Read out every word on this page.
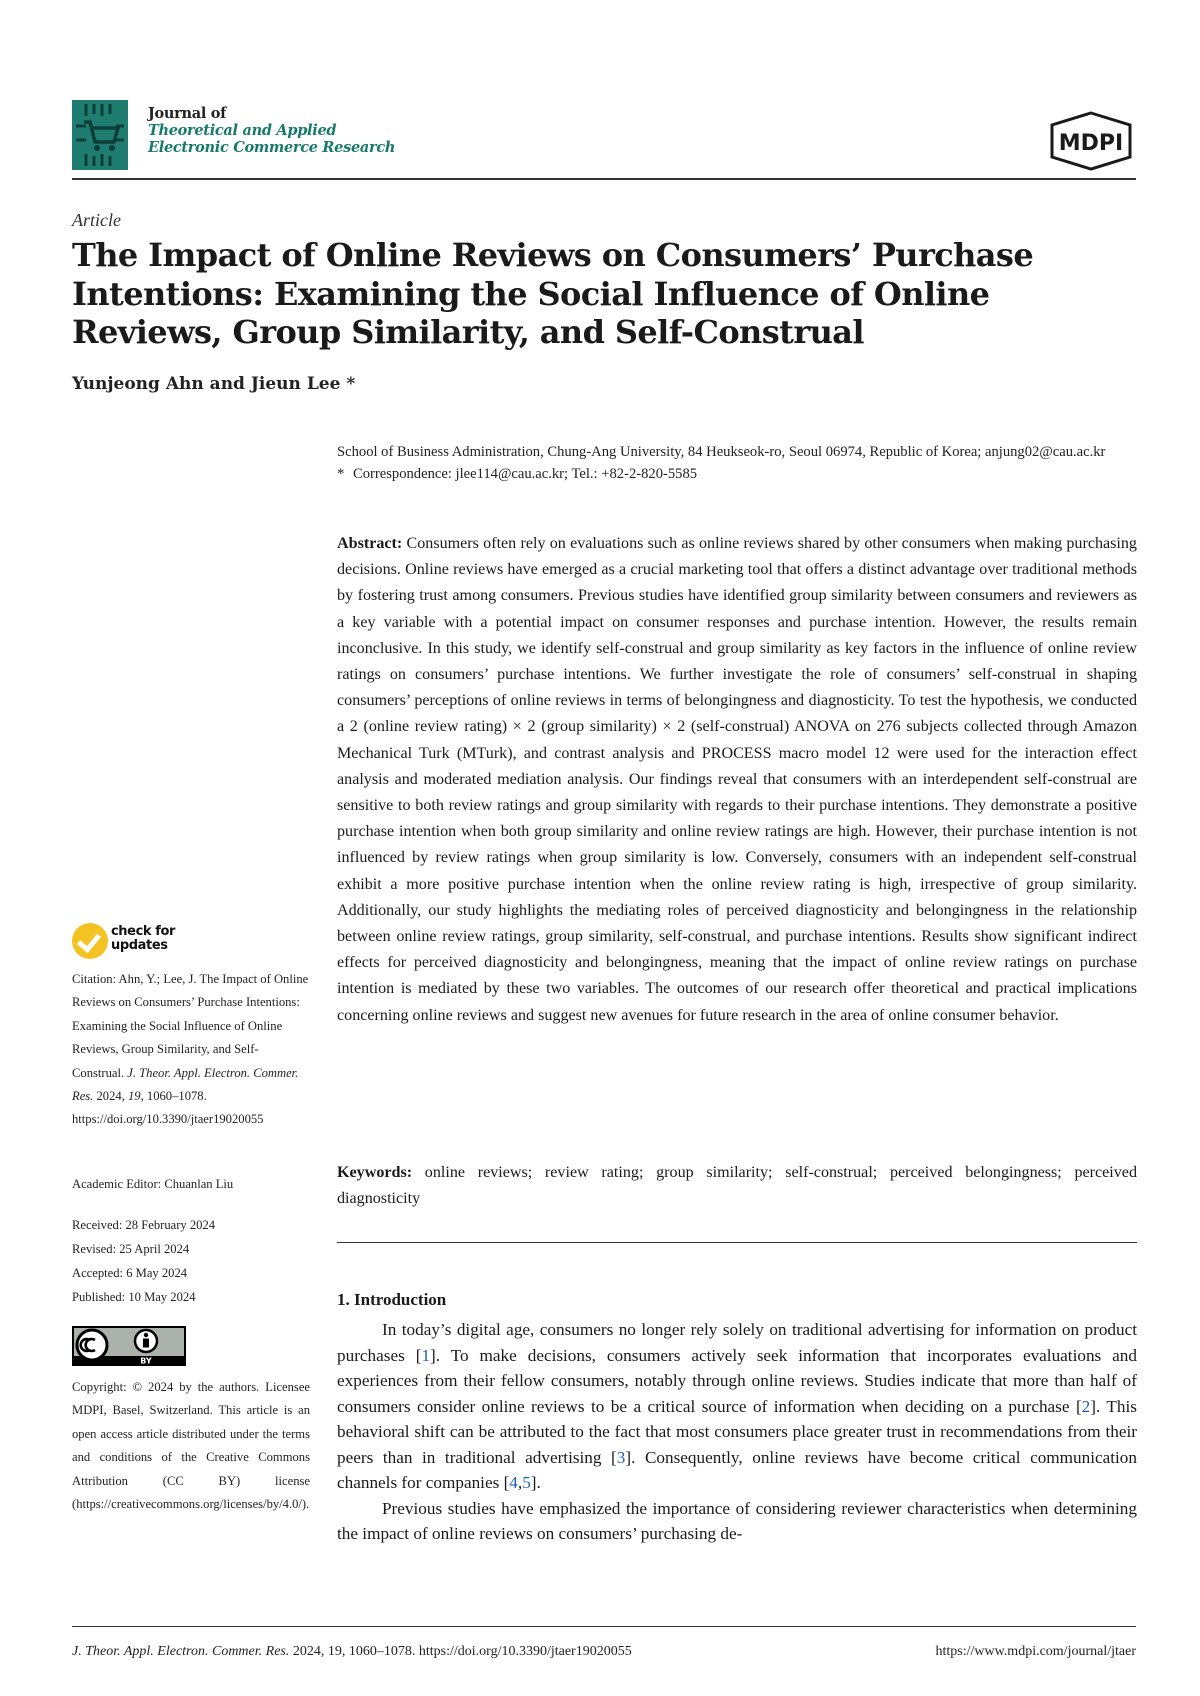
Journal of
Theoretical and Applied
Electronic Commerce Research	MDPI
Article
The Impact of Online Reviews on Consumers’ Purchase Intentions: Examining the Social Influence of Online Reviews, Group Similarity, and Self-Construal
Yunjeong Ahn and Jieun Lee *
School of Business Administration, Chung-Ang University, 84 Heukseok-ro, Seoul 06974, Republic of Korea; anjung02@cau.ac.kr
* Correspondence: jlee114@cau.ac.kr; Tel.: +82-2-820-5585
Abstract: Consumers often rely on evaluations such as online reviews shared by other consumers when making purchasing decisions. Online reviews have emerged as a crucial marketing tool that offers a distinct advantage over traditional methods by fostering trust among consumers. Previous studies have identified group similarity between consumers and reviewers as a key variable with a potential impact on consumer responses and purchase intention. However, the results remain inconclusive. In this study, we identify self-construal and group similarity as key factors in the influence of online review ratings on consumers’ purchase intentions. We further investigate the role of consumers’ self-construal in shaping consumers’ perceptions of online reviews in terms of belongingness and diagnosticity. To test the hypothesis, we conducted a 2 (online review rating) × 2 (group similarity) × 2 (self-construal) ANOVA on 276 subjects collected through Amazon Mechanical Turk (MTurk), and contrast analysis and PROCESS macro model 12 were used for the interaction effect analysis and moderated mediation analysis. Our findings reveal that consumers with an interdependent self-construal are sensitive to both review ratings and group similarity with regards to their purchase intentions. They demonstrate a positive purchase intention when both group similarity and online review ratings are high. However, their purchase intention is not influenced by review ratings when group similarity is low. Conversely, consumers with an independent self-construal exhibit a more positive purchase intention when the online review rating is high, irrespective of group similarity. Additionally, our study highlights the mediating roles of perceived diagnosticity and belongingness in the relationship between online review ratings, group similarity, self-construal, and purchase intentions. Results show significant indirect effects for perceived diagnosticity and belongingness, meaning that the impact of online review ratings on purchase intention is mediated by these two variables. The outcomes of our research offer theoretical and practical implications concerning online reviews and suggest new avenues for future research in the area of online consumer behavior.
Keywords: online reviews; review rating; group similarity; self-construal; perceived belongingness; perceived diagnosticity
1. Introduction

In today’s digital age, consumers no longer rely solely on traditional advertising for information on product purchases [1]. To make decisions, consumers actively seek information that incorporates evaluations and experiences from their fellow consumers, notably through online reviews. Studies indicate that more than half of consumers consider online reviews to be a critical source of information when deciding on a purchase [2]. This behavioral shift can be attributed to the fact that most consumers place greater trust in recommendations from their peers than in traditional advertising [3]. Consequently, online reviews have become critical communication channels for companies [4,5].

Previous studies have emphasized the importance of considering reviewer characteristics when determining the impact of online reviews on consumers’ purchasing de-

check for
updates
Citation: Ahn, Y.; Lee, J. The Impact of Online Reviews on Consumers’ Purchase Intentions: Examining the Social Influence of Online Reviews, Group Similarity, and Self-Construal. J. Theor. Appl. Electron. Commer. Res. 2024, 19, 1060–1078. https://doi.org/10.3390/jtaer19020055
Academic Editor: Chuanlan Liu
Received: 28 February 2024
Revised: 25 April 2024
Accepted: 6 May 2024
Published: 10 May 2024
BY
Copyright: © 2024 by the authors. Licensee MDPI, Basel, Switzerland. This article is an open access article distributed under the terms and conditions of the Creative Commons Attribution (CC BY) license (https://creativecommons.org/licenses/by/4.0/).
J. Theor. Appl. Electron. Commer. Res. 2024, 19, 1060–1078. https://doi.org/10.3390/jtaer19020055	https://www.mdpi.com/journal/jtaer
